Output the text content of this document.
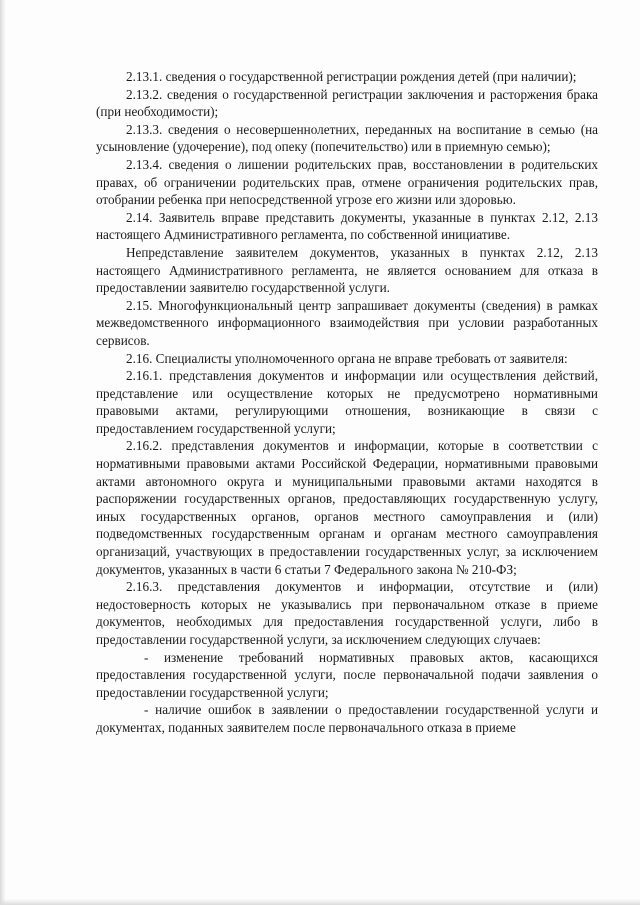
2.13.1. сведения о государственной регистрации рождения детей (при наличии);

2.13.2. сведения о государственной регистрации заключения и расторжения брака (при необходимости);

2.13.3. сведения о несовершеннолетних, переданных на воспитание в семью (на усыновление (удочерение), под опеку (попечительство) или в приемную семью);

2.13.4. сведения о лишении родительских прав, восстановлении в родительских правах, об ограничении родительских прав, отмене ограничения родительских прав, отобрании ребенка при непосредственной угрозе его жизни или здоровью.

2.14. Заявитель вправе представить документы, указанные в пунктах 2.12, 2.13 настоящего Административного регламента, по собственной инициативе.

Непредставление заявителем документов, указанных в пунктах 2.12, 2.13 настоящего Административного регламента, не является основанием для отказа в предоставлении заявителю государственной услуги.

2.15. Многофункциональный центр запрашивает документы (сведения) в рамках межведомственного информационного взаимодействия при условии разработанных сервисов.

2.16. Специалисты уполномоченного органа не вправе требовать от заявителя:

2.16.1. представления документов и информации или осуществления действий, представление или осуществление которых не предусмотрено нормативными правовыми актами, регулирующими отношения, возникающие в связи с предоставлением государственной услуги;

2.16.2. представления документов и информации, которые в соответствии с нормативными правовыми актами Российской Федерации, нормативными правовыми актами автономного округа и муниципальными правовыми актами находятся в распоряжении государственных органов, предоставляющих государственную услугу, иных государственных органов, органов местного самоуправления и (или) подведомственных государственным органам и органам местного самоуправления организаций, участвующих в предоставлении государственных услуг, за исключением документов, указанных в части 6 статьи 7 Федерального закона № 210-ФЗ;

2.16.3. представления документов и информации, отсутствие и (или) недостоверность которых не указывались при первоначальном отказе в приеме документов, необходимых для предоставления государственной услуги, либо в предоставлении государственной услуги, за исключением следующих случаев:

- изменение требований нормативных правовых актов, касающихся предоставления государственной услуги, после первоначальной подачи заявления о предоставлении государственной услуги;

- наличие ошибок в заявлении о предоставлении государственной услуги и документах, поданных заявителем после первоначального отказа в приеме
